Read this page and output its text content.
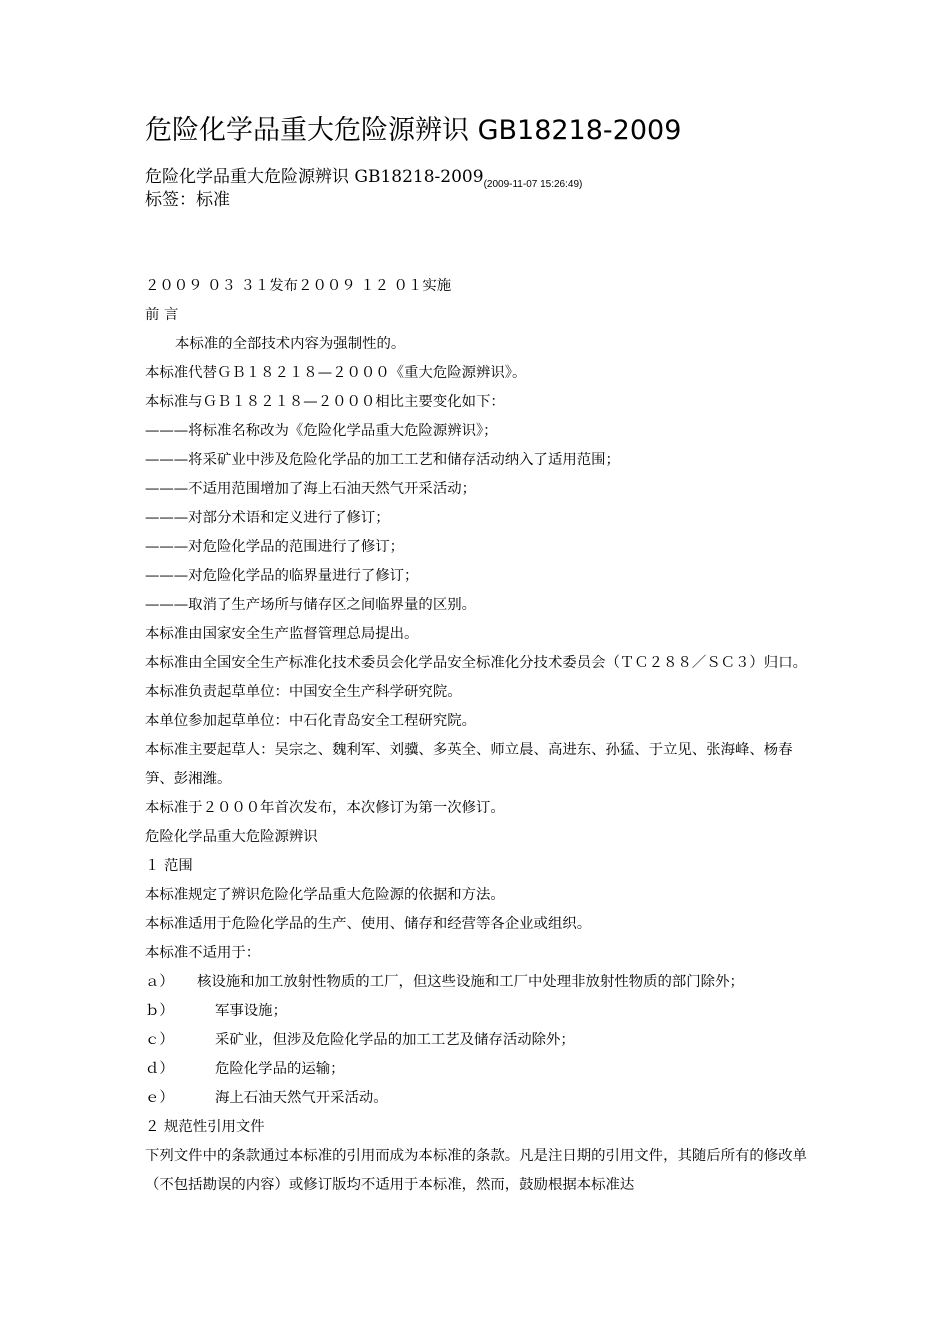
危险化学品重大危险源辨识 GB18218-2009
危险化学品重大危险源辨识 $GB18218-2009_{(2009-11-07 15:26:49)}$
标签：标准

２００９ ０３ ３１发布２００９ １２ ０１实施

前 言

本标准的全部技术内容为强制性的。

本标准代替ＧＢ１８２１８—２０００《重大危险源辨识》。

本标准与ＧＢ１８２１８—２０００相比主要变化如下：

———将标准名称改为《危险化学品重大危险源辨识》；

———将采矿业中涉及危险化学品的加工工艺和储存活动纳入了适用范围；

———不适用范围增加了海上石油天然气开采活动；

———对部分术语和定义进行了修订；

———对危险化学品的范围进行了修订；

———对危险化学品的临界量进行了修订；

———取消了生产场所与储存区之间临界量的区别。

本标准由国家安全生产监督管理总局提出。

本标准由全国安全生产标准化技术委员会化学品安全标准化分技术委员会（ＴＣ２８８／ＳＣ３）归口。

本标准负责起草单位：中国安全生产科学研究院。

本单位参加起草单位：中石化青岛安全工程研究院。

本标准主要起草人：吴宗之、魏利军、刘骥、多英全、师立晨、高进东、孙猛、于立见、张海峰、杨春笋、彭湘潍。

本标准于２０００年首次发布，本次修订为第一次修订。

危险化学品重大危险源辨识

１ 范围

本标准规定了辨识危险化学品重大危险源的依据和方法。

本标准适用于危险化学品的生产、使用、储存和经营等各企业或组织。

本标准不适用于：

ａ） 核设施和加工放射性物质的工厂，但这些设施和工厂中处理非放射性物质的部门除外；

ｂ）	军事设施；

ｃ）	采矿业，但涉及危险化学品的加工工艺及储存活动除外；

ｄ）	危险化学品的运输；

ｅ）	海上石油天然气开采活动。

２ 规范性引用文件

下列文件中的条款通过本标准的引用而成为本标准的条款。凡是注日期的引用文件，其随后所有的修改单（不包括勘误的内容）或修订版均不适用于本标准，然而，鼓励根据本标准达
